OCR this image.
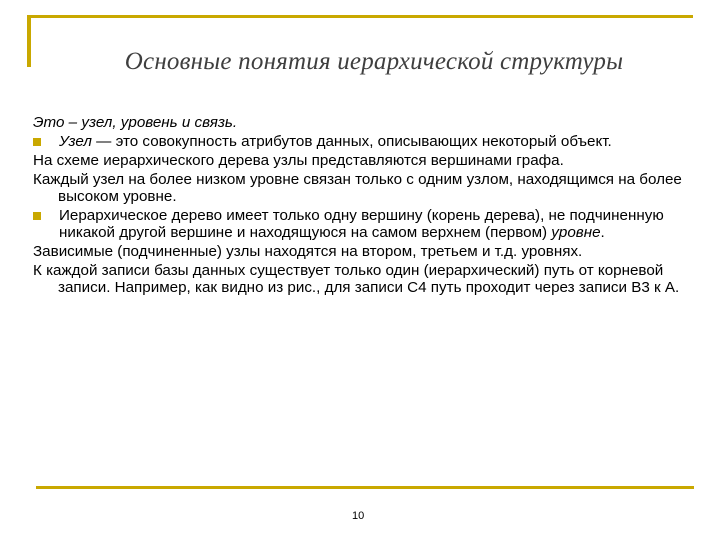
Основные понятия иерархической структуры

Это – узел, уровень и связь.

Узел — это совокупность атрибутов данных, описывающих некоторый объект.

На схеме иерархического дерева узлы представляются вершинами графа.

Каждый узел на более низком уровне связан только с одним узлом, находящимся на более высоком уровне.

Иерархическое дерево имеет только одну вершину (корень дерева), не подчиненную никакой другой вершине и находящуюся на самом верхнем (первом) уровне.

Зависимые (подчиненные) узлы находятся на втором, третьем и т.д. уровнях.

К каждой записи базы данных существует только один (иерархический) путь от корневой записи. Например, как видно из рис., для записи С4 путь проходит через записи В3 к А.

10
